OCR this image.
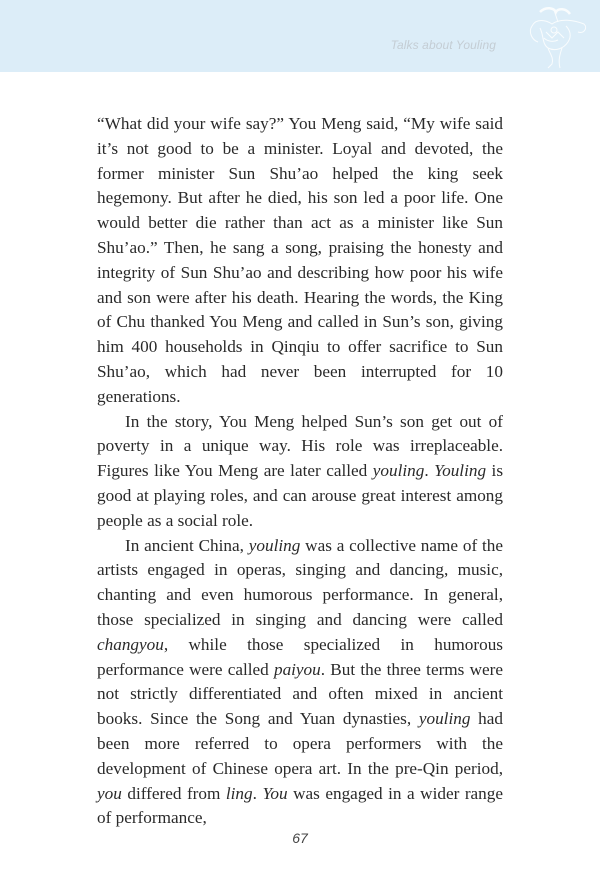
Talks about Youling

“What did your wife say?” You Meng said, “My wife said it’s not good to be a minister. Loyal and devoted, the former minister Sun Shu’ao helped the king seek hegemony. But after he died, his son led a poor life. One would better die rather than act as a minister like Sun Shu’ao.” Then, he sang a song, praising the honesty and integrity of Sun Shu’ao and describing how poor his wife and son were after his death. Hearing the words, the King of Chu thanked You Meng and called in Sun’s son, giving him 400 households in Qinqiu to offer sacrifice to Sun Shu’ao, which had never been interrupted for 10 generations.

In the story, You Meng helped Sun’s son get out of poverty in a unique way. His role was irreplaceable. Figures like You Meng are later called youling. Youling is good at playing roles, and can arouse great interest among people as a social role.

In ancient China, youling was a collective name of the artists engaged in operas, singing and dancing, music, chanting and even humorous performance. In general, those specialized in singing and dancing were called changyou, while those specialized in humorous performance were called paiyou. But the three terms were not strictly differentiated and often mixed in ancient books. Since the Song and Yuan dynasties, youling had been more referred to opera performers with the development of Chinese opera art. In the pre-Qin period, you differed from ling. You was engaged in a wider range of performance,

67
